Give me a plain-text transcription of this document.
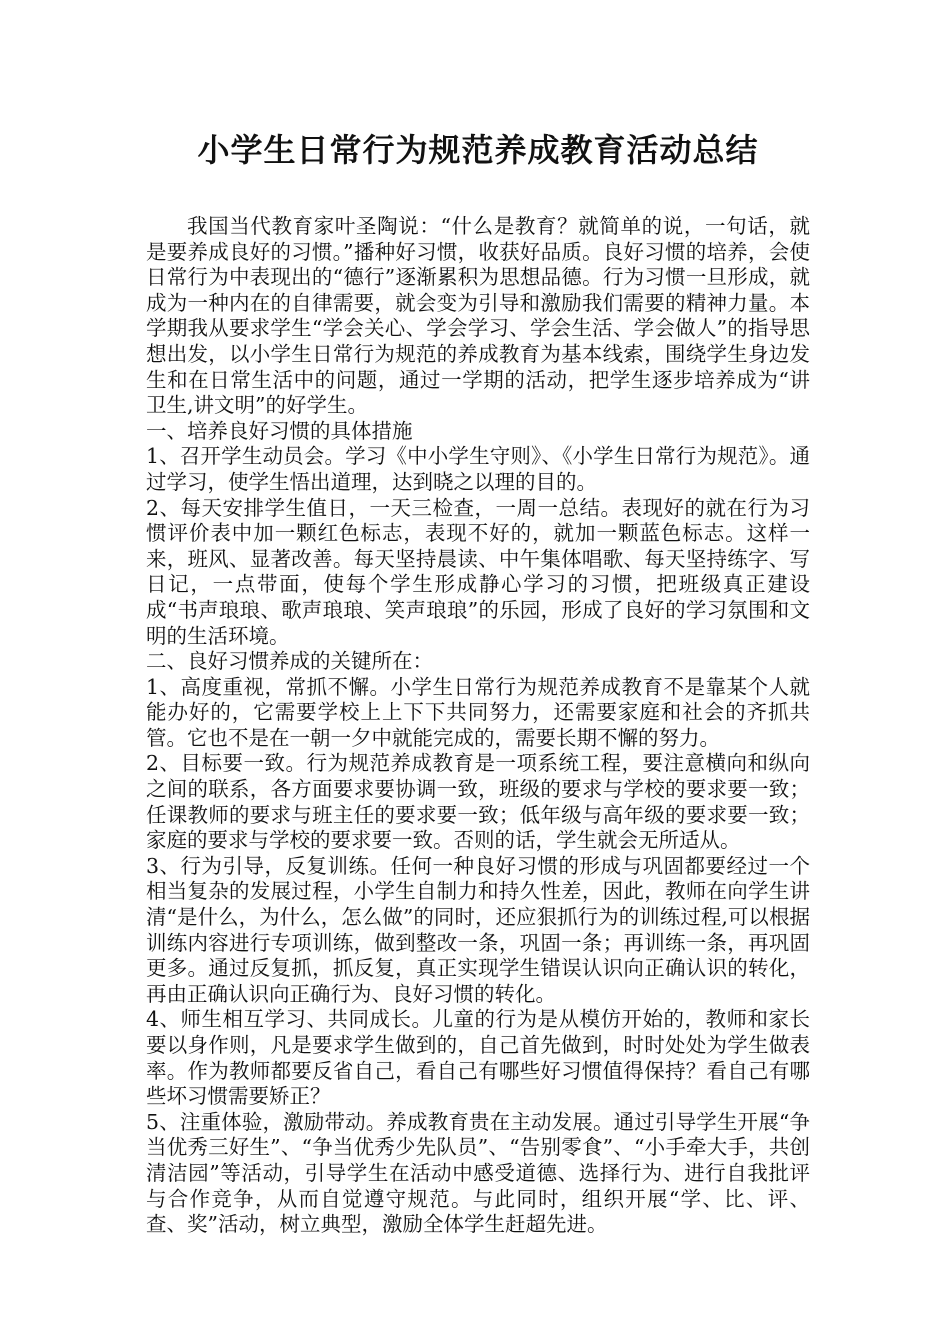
小学生日常行为规范养成教育活动总结

我国当代教育家叶圣陶说：“什么是教育？就简单的说，一句话，就是要养成良好的习惯。”播种好习惯，收获好品质。良好习惯的培养，会使日常行为中表现出的“德行”逐渐累积为思想品德。行为习惯一旦形成，就成为一种内在的自律需要，就会变为引导和激励我们需要的精神力量。本学期我从要求学生“学会关心、学会学习、学会生活、学会做人”的指导思想出发，以小学生日常行为规范的养成教育为基本线索，围绕学生身边发生和在日常生活中的问题，通过一学期的活动，把学生逐步培养成为“讲卫生,讲文明”的好学生。

一、培养良好习惯的具体措施

1、召开学生动员会。学习《中小学生守则》、《小学生日常行为规范》。通过学习，使学生悟出道理，达到晓之以理的目的。

2、每天安排学生值日，一天三检查，一周一总结。表现好的就在行为习惯评价表中加一颗红色标志，表现不好的，就加一颗蓝色标志。这样一来，班风、显著改善。每天坚持晨读、中午集体唱歌、每天坚持练字、写日记，一点带面，使每个学生形成静心学习的习惯，把班级真正建设成“书声琅琅、歌声琅琅、笑声琅琅”的乐园，形成了良好的学习氛围和文明的生活环境。

二、良好习惯养成的关键所在：

1、高度重视，常抓不懈。小学生日常行为规范养成教育不是靠某个人就能办好的，它需要学校上上下下共同努力，还需要家庭和社会的齐抓共管。它也不是在一朝一夕中就能完成的，需要长期不懈的努力。

2、目标要一致。行为规范养成教育是一项系统工程，要注意横向和纵向之间的联系，各方面要求要协调一致，班级的要求与学校的要求要一致；任课教师的要求与班主任的要求要一致；低年级与高年级的要求要一致；家庭的要求与学校的要求要一致。否则的话，学生就会无所适从。

3、行为引导，反复训练。任何一种良好习惯的形成与巩固都要经过一个相当复杂的发展过程，小学生自制力和持久性差，因此，教师在向学生讲清“是什么，为什么，怎么做”的同时，还应狠抓行为的训练过程,可以根据训练内容进行专项训练，做到整改一条，巩固一条；再训练一条，再巩固更多。通过反复抓，抓反复，真正实现学生错误认识向正确认识的转化，再由正确认识向正确行为、良好习惯的转化。

4、师生相互学习、共同成长。儿童的行为是从模仿开始的，教师和家长要以身作则，凡是要求学生做到的，自己首先做到，时时处处为学生做表率。作为教师都要反省自己，看自己有哪些好习惯值得保持？看自己有哪些坏习惯需要矫正？

5、注重体验，激励带动。养成教育贵在主动发展。通过引导学生开展“争当优秀三好生”、“争当优秀少先队员”、“告别零食”、“小手牵大手，共创清洁园”等活动，引导学生在活动中感受道德、选择行为、进行自我批评与合作竞争，从而自觉遵守规范。与此同时，组织开展“学、比、评、查、奖”活动，树立典型，激励全体学生赶超先进。
